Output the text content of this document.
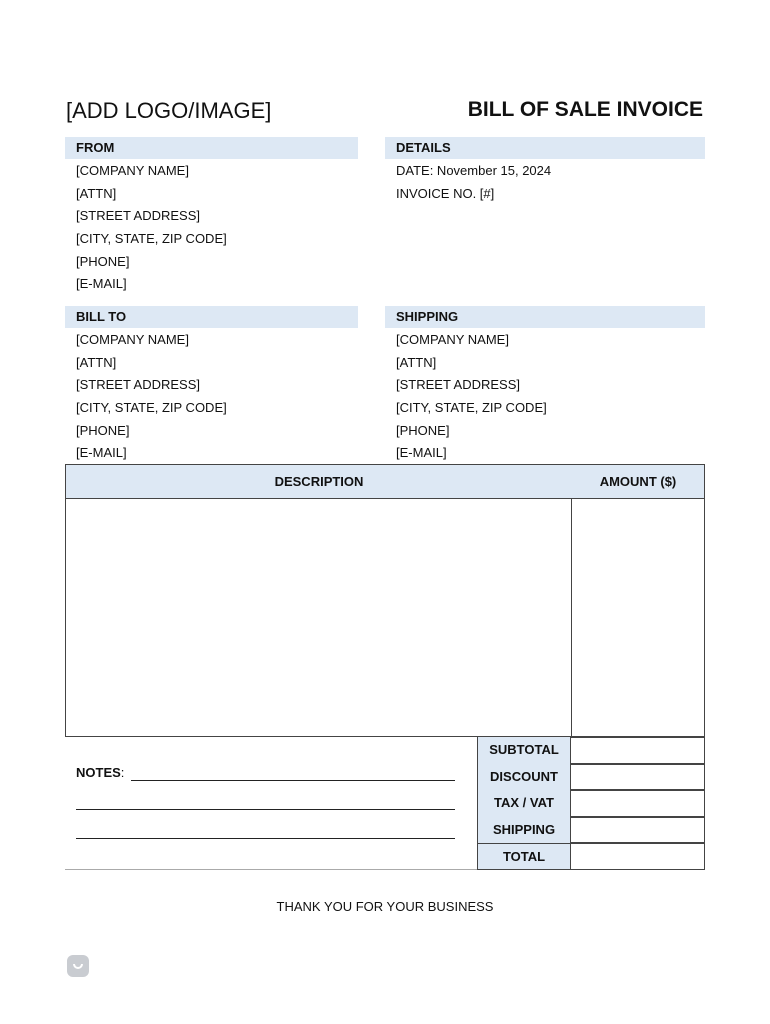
[ADD LOGO/IMAGE]	BILL OF SALE INVOICE
FROM
[COMPANY NAME]
[ATTN]
[STREET ADDRESS]
[CITY, STATE, ZIP CODE]
[PHONE]
[E-MAIL]
DETAILS
DATE: November 15, 2024
INVOICE NO. [#]
BILL TO
[COMPANY NAME]
[ATTN]
[STREET ADDRESS]
[CITY, STATE, ZIP CODE]
[PHONE]
[E-MAIL]
SHIPPING
[COMPANY NAME]
[ATTN]
[STREET ADDRESS]
[CITY, STATE, ZIP CODE]
[PHONE]
[E-MAIL]
DESCRIPTION	AMOUNT ($)
SUBTOTAL
DISCOUNT
TAX / VAT
SHIPPING
TOTAL
NOTES:
THANK YOU FOR YOUR BUSINESS
